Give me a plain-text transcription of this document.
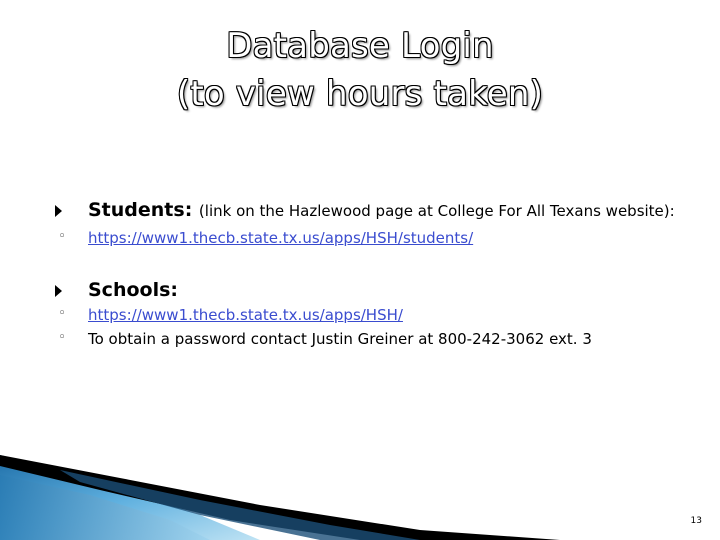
Database Login
(to view hours taken)
Students: (link on the Hazlewood page at College For All Texans website):
◦ https://www1.thecb.state.tx.us/apps/HSH/students/
Schools:
◦ https://www1.thecb.state.tx.us/apps/HSH/
◦ To obtain a password contact Justin Greiner at 800-242-3062 ext. 3
13
